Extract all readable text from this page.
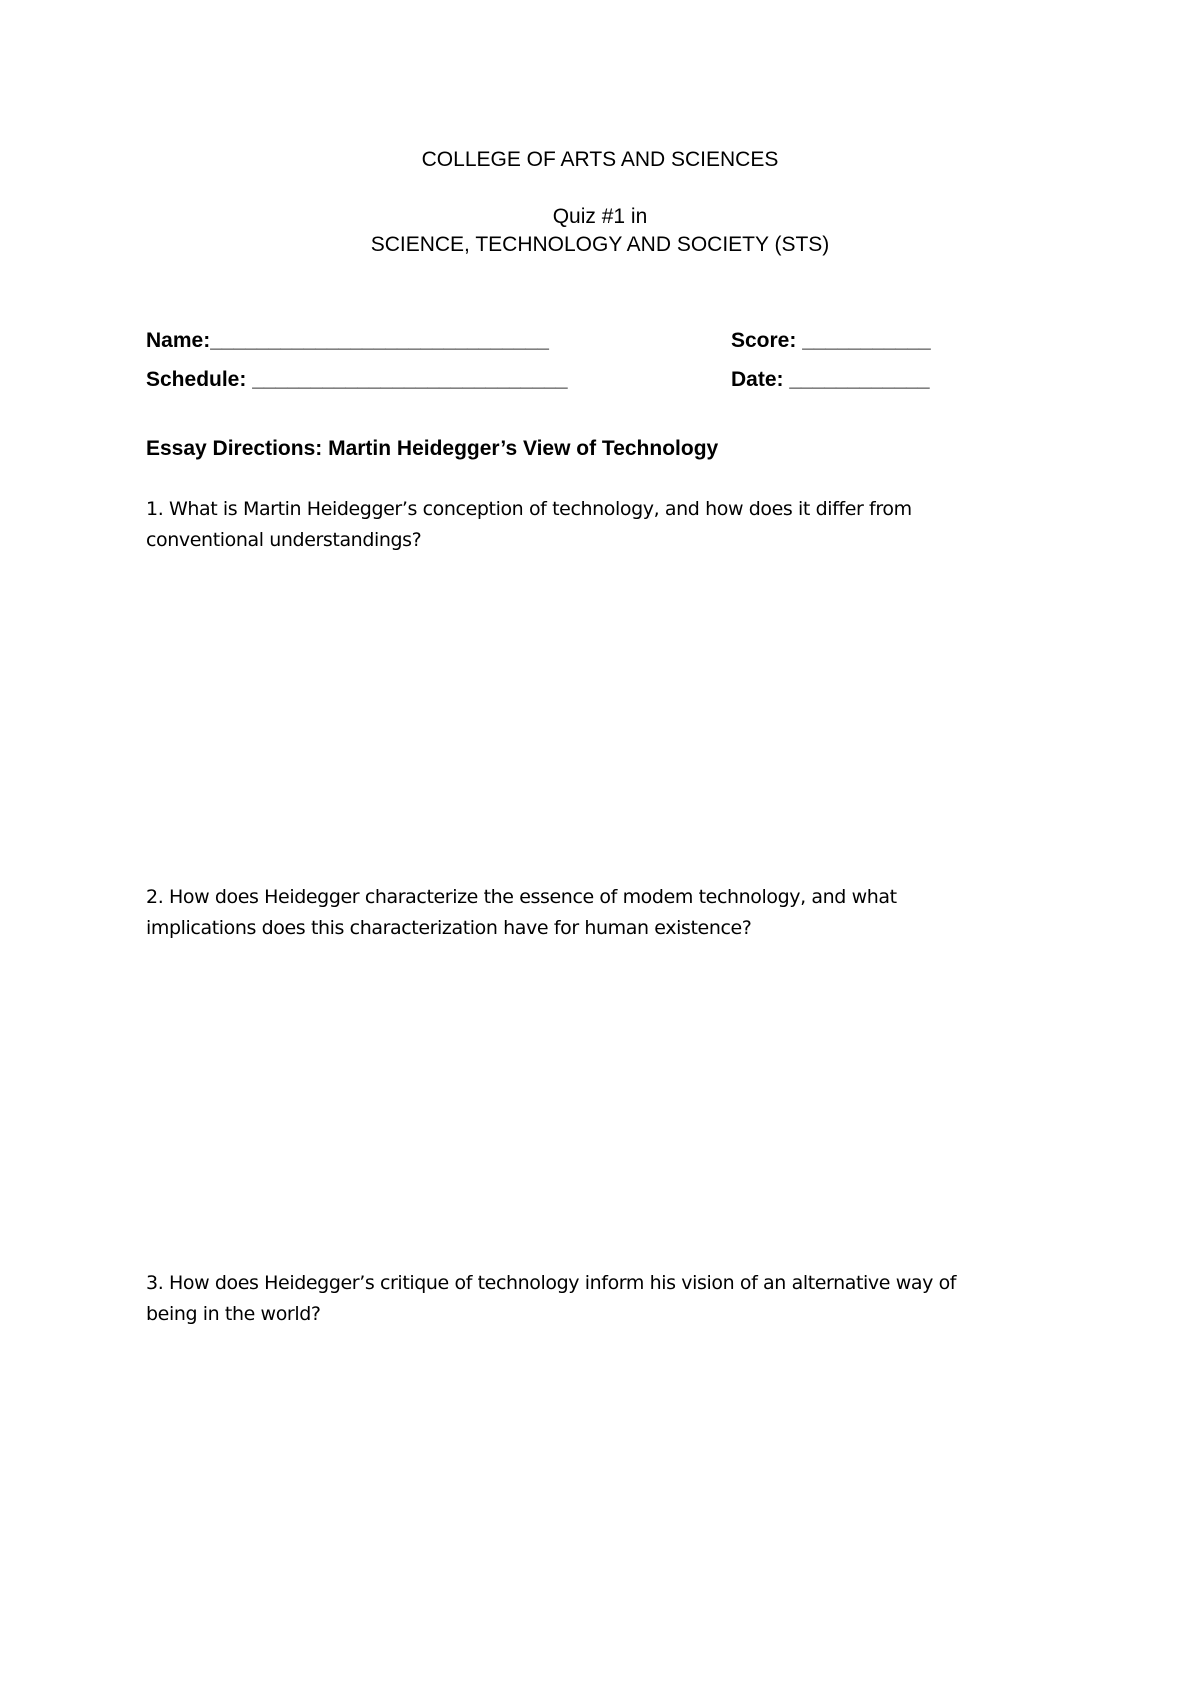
COLLEGE OF ARTS AND SCIENCES
Quiz #1 in
SCIENCE, TECHNOLOGY AND SOCIETY (STS)
Name:_____________________________	Score: ___________
Schedule: ___________________________	Date: ____________
Essay Directions: Martin Heidegger’s View of Technology
1. What is Martin Heidegger’s conception of technology, and how does it differ from
conventional understandings?
2. How does Heidegger characterize the essence of modem technology, and what
implications does this characterization have for human existence?
3. How does Heidegger’s critique of technology inform his vision of an alternative way of
being in the world?
